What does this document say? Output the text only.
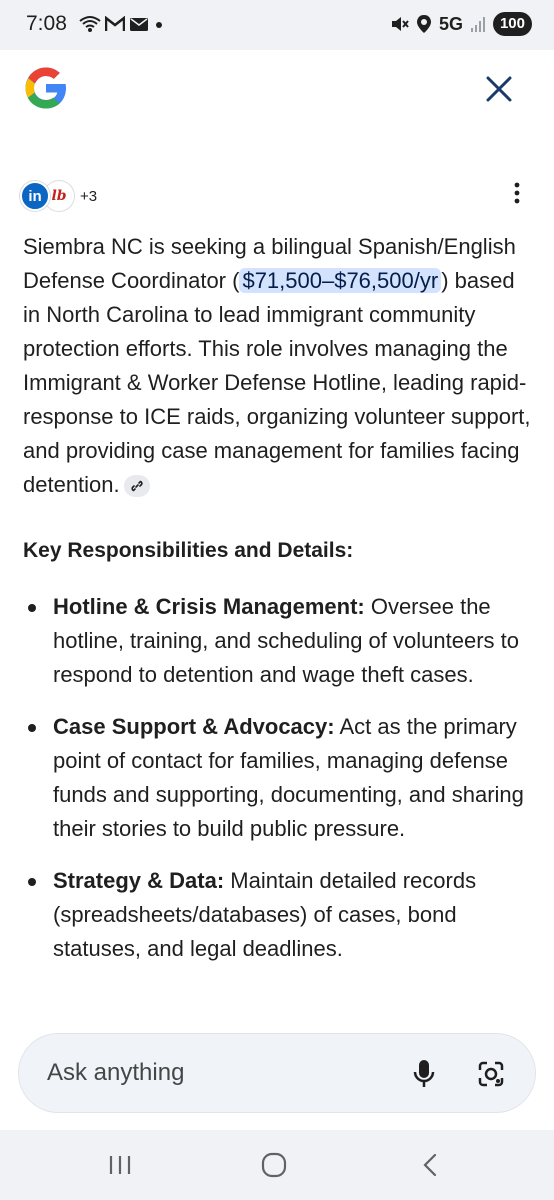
7:08	5G	100
in lb +3

Siembra NC is seeking a bilingual Spanish/English Defense Coordinator ( $71,500–$76,500/yr ) based in North Carolina to lead immigrant community protection efforts. This role involves managing the Immigrant & Worker Defense Hotline, leading rapid-response to ICE raids, organizing volunteer support, and providing case management for families facing detention.

Key Responsibilities and Details:

Hotline & Crisis Management: Oversee the hotline, training, and scheduling of volunteers to respond to detention and wage theft cases.
Case Support & Advocacy: Act as the primary point of contact for families, managing defense funds and supporting, documenting, and sharing their stories to build public pressure.
Strategy & Data: Maintain detailed records (spreadsheets/databases) of cases, bond statuses, and legal deadlines.
Ask anything
